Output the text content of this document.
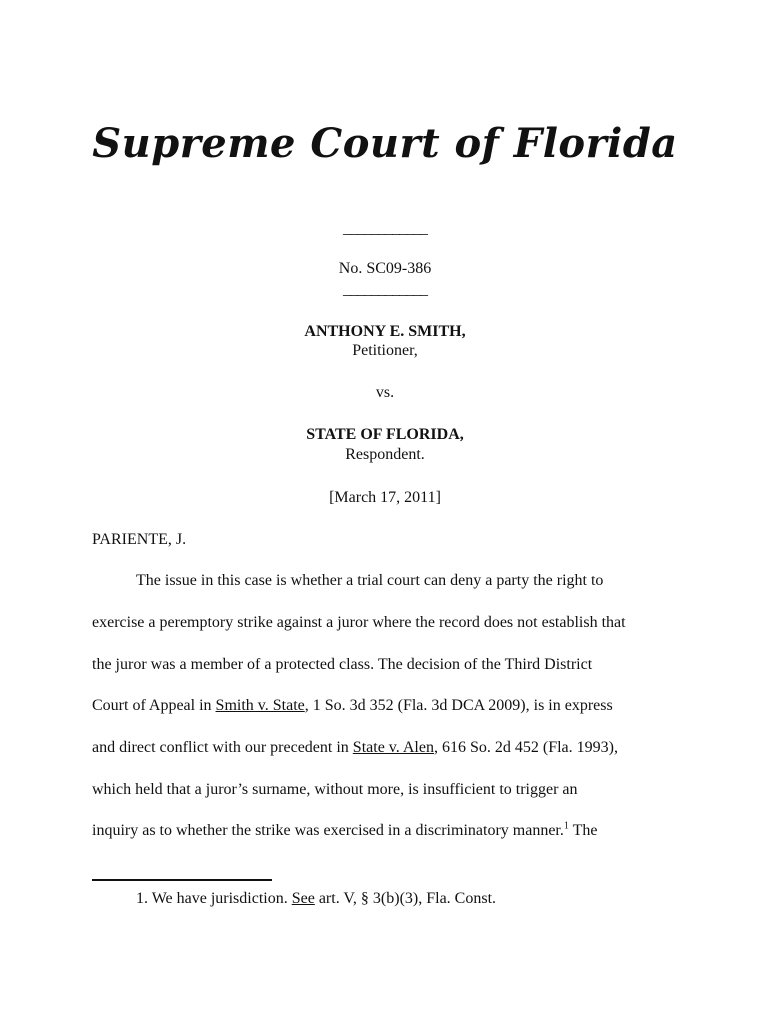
Supreme Court of Florida
____________
No. SC09-386
____________
ANTHONY E. SMITH,
Petitioner,
vs.
STATE OF FLORIDA,
Respondent.
[March 17, 2011]
PARIENTE, J.
The issue in this case is whether a trial court can deny a party the right to
exercise a peremptory strike against a juror where the record does not establish that
the juror was a member of a protected class. The decision of the Third District
Court of Appeal in Smith v. State, 1 So. 3d 352 (Fla. 3d DCA 2009), is in express
and direct conflict with our precedent in State v. Alen, 616 So. 2d 452 (Fla. 1993),
which held that a juror’s surname, without more, is insufficient to trigger an
inquiry as to whether the strike was exercised in a discriminatory manner.$^1$ The
1. We have jurisdiction. See art. V, § 3(b)(3), Fla. Const.
